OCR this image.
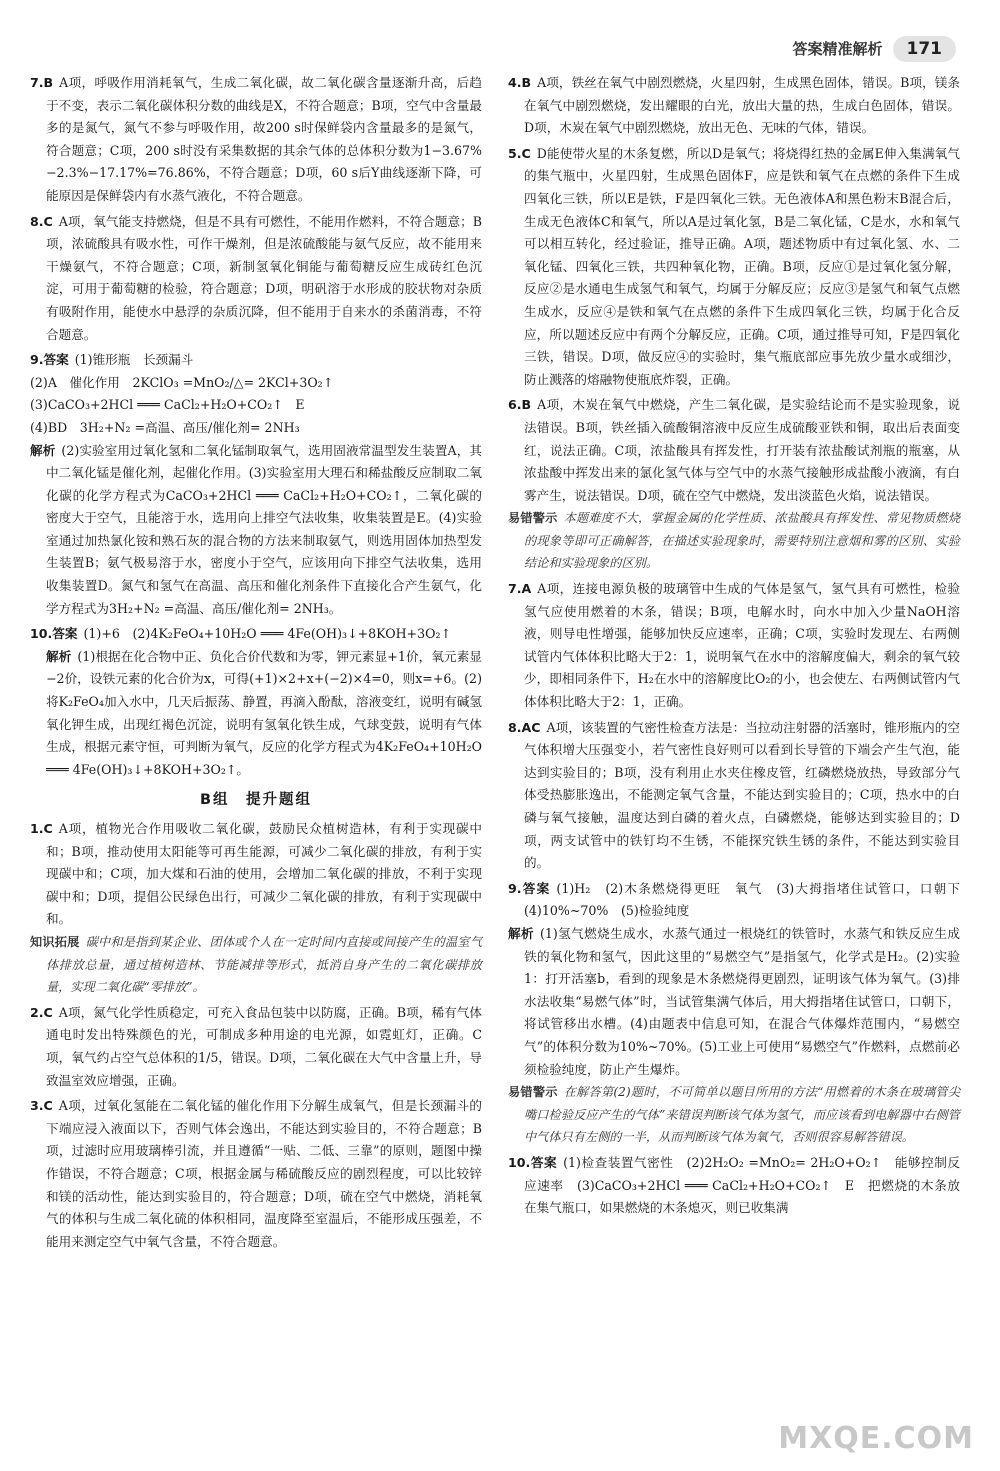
答案精准解析	171

7.B A项，呼吸作用消耗氧气，生成二氧化碳，故二氧化碳含量逐渐升高，后趋于不变，表示二氧化碳体积分数的曲线是X，不符合题意；B项，空气中含量最多的是氮气，氮气不参与呼吸作用，故200 s时保鲜袋内含量最多的是氮气，符合题意；C项，200 s时没有采集数据的其余气体的总体积分数为1−3.67%−2.3%−17.17%=76.86%，不符合题意；D项，60 s后Y曲线逐渐下降，可能原因是保鲜袋内有水蒸气液化，不符合题意。

8.C A项，氧气能支持燃烧，但是不具有可燃性，不能用作燃料，不符合题意；B项，浓硫酸具有吸水性，可作干燥剂，但是浓硫酸能与氨气反应，故不能用来干燥氨气，不符合题意；C项，新制氢氧化铜能与葡萄糖反应生成砖红色沉淀，可用于葡萄糖的检验，符合题意；D项，明矾溶于水形成的胶状物对杂质有吸附作用，能使水中悬浮的杂质沉降，但不能用于自来水的杀菌消毒，不符合题意。

9.答案 (1)锥形瓶　长颈漏斗

(2)A　催化作用　2KClO₃ =MnO₂/△= 2KCl+3O₂↑

(3)CaCO₃+2HCl ═══ CaCl₂+H₂O+CO₂↑　E

(4)BD　3H₂+N₂ =高温、高压/催化剂= 2NH₃

解析 (2)实验室用过氧化氢和二氧化锰制取氧气，选用固液常温型发生装置A，其中二氧化锰是催化剂，起催化作用。(3)实验室用大理石和稀盐酸反应制取二氧化碳的化学方程式为CaCO₃+2HCl ═══ CaCl₂+H₂O+CO₂↑，二氧化碳的密度大于空气，且能溶于水，选用向上排空气法收集，收集装置是E。(4)实验室通过加热氯化铵和熟石灰的混合物的方法来制取氨气，则选用固体加热型发生装置B；氨气极易溶于水，密度小于空气，应该用向下排空气法收集，选用收集装置D。氮气和氢气在高温、高压和催化剂条件下直接化合产生氨气，化学方程式为3H₂+N₂ =高温、高压/催化剂= 2NH₃。

10.答案 (1)+6　(2)4K₂FeO₄+10H₂O ═══ 4Fe(OH)₃↓+8KOH+3O₂↑

解析 (1)根据在化合物中正、负化合价代数和为零，钾元素显+1价，氧元素显−2价，设铁元素的化合价为x，可得(+1)×2+x+(−2)×4=0，则x=+6。(2)将K₂FeO₄加入水中，几天后振荡、静置，再滴入酚酞，溶液变红，说明有碱氢氧化钾生成，出现红褐色沉淀，说明有氢氧化铁生成，气球变鼓，说明有气体生成，根据元素守恒，可判断为氧气，反应的化学方程式为4K₂FeO₄+10H₂O ═══ 4Fe(OH)₃↓+8KOH+3O₂↑。

B组　提升题组

1.C A项，植物光合作用吸收二氧化碳，鼓励民众植树造林，有利于实现碳中和；B项，推动使用太阳能等可再生能源，可减少二氧化碳的排放，有利于实现碳中和；C项，加大煤和石油的使用，会增加二氧化碳的排放，不利于实现碳中和；D项，提倡公民绿色出行，可减少二氧化碳的排放，有利于实现碳中和。

知识拓展 碳中和是指到某企业、团体或个人在一定时间内直接或间接产生的温室气体排放总量，通过植树造林、节能减排等形式，抵消自身产生的二氧化碳排放量，实现二氧化碳“零排放”。

2.C A项，氮气化学性质稳定，可充入食品包装中以防腐，正确。B项，稀有气体通电时发出特殊颜色的光，可制成多种用途的电光源，如霓虹灯，正确。C项，氧气约占空气总体积的1/5，错误。D项，二氧化碳在大气中含量上升，导致温室效应增强，正确。

3.C A项，过氧化氢能在二氧化锰的催化作用下分解生成氧气，但是长颈漏斗的下端应浸入液面以下，否则气体会逸出，不能达到实验目的，不符合题意；B项，过滤时应用玻璃棒引流，并且遵循“一贴、二低、三靠”的原则，题图中操作错误，不符合题意；C项，根据金属与稀硫酸反应的剧烈程度，可以比较锌和镁的活动性，能达到实验目的，符合题意；D项，硫在空气中燃烧，消耗氧气的体积与生成二氧化硫的体积相同，温度降至室温后，不能形成压强差，不能用来测定空气中氧气含量，不符合题意。

4.B A项，铁丝在氧气中剧烈燃烧，火星四射，生成黑色固体，错误。B项，镁条在氧气中剧烈燃烧，发出耀眼的白光，放出大量的热，生成白色固体，错误。D项，木炭在氧气中剧烈燃烧，放出无色、无味的气体，错误。

5.C D能使带火星的木条复燃，所以D是氧气；将烧得红热的金属E伸入集满氧气的集气瓶中，火星四射，生成黑色固体F，应是铁和氧气在点燃的条件下生成四氧化三铁，所以E是铁，F是四氧化三铁。无色液体A和黑色粉末B混合后，生成无色液体C和氧气，所以A是过氧化氢，B是二氧化锰，C是水，水和氧气可以相互转化，经过验证，推导正确。A项，题述物质中有过氧化氢、水、二氧化锰、四氧化三铁，共四种氧化物，正确。B项，反应①是过氧化氢分解，反应②是水通电生成氢气和氧气，均属于分解反应；反应③是氢气和氧气点燃生成水，反应④是铁和氧气在点燃的条件下生成四氧化三铁，均属于化合反应，所以题述反应中有两个分解反应，正确。C项，通过推导可知，F是四氧化三铁，错误。D项，做反应④的实验时，集气瓶底部应事先放少量水或细沙，防止溅落的熔融物使瓶底炸裂，正确。

6.B A项，木炭在氧气中燃烧，产生二氧化碳，是实验结论而不是实验现象，说法错误。B项，铁丝插入硫酸铜溶液中反应生成硫酸亚铁和铜，取出后表面变红，说法正确。C项，浓盐酸具有挥发性，打开装有浓盐酸试剂瓶的瓶塞，从浓盐酸中挥发出来的氯化氢气体与空气中的水蒸气接触形成盐酸小液滴，有白雾产生，说法错误。D项，硫在空气中燃烧，发出淡蓝色火焰，说法错误。

易错警示 本题难度不大，掌握金属的化学性质、浓盐酸具有挥发性、常见物质燃烧的现象等即可正确解答，在描述实验现象时，需要特别注意烟和雾的区别、实验结论和实验现象的区别。

7.A A项，连接电源负极的玻璃管中生成的气体是氢气，氢气具有可燃性，检验氢气应使用燃着的木条，错误；B项，电解水时，向水中加入少量NaOH溶液，则导电性增强，能够加快反应速率，正确；C项，实验时发现左、右两侧试管内气体体积比略大于2：1，说明氧气在水中的溶解度偏大，剩余的氧气较少，即相同条件下，H₂在水中的溶解度比O₂的小，也会使左、右两侧试管内气体体积比略大于2：1，正确。

8.AC A项，该装置的气密性检查方法是：当拉动注射器的活塞时，锥形瓶内的空气体积增大压强变小，若气密性良好则可以看到长导管的下端会产生气泡，能达到实验目的；B项，没有利用止水夹住橡皮管，红磷燃烧放热，导致部分气体受热膨胀逸出，不能测定氧气含量，不能达到实验目的；C项，热水中的白磷与氧气接触，温度达到白磷的着火点，白磷燃烧，能够达到实验目的；D项，两支试管中的铁钉均不生锈，不能探究铁生锈的条件，不能达到实验目的。

9.答案 (1)H₂　(2)木条燃烧得更旺　氧气　(3)大拇指堵住试管口，口朝下　(4)10%~70%　(5)检验纯度

解析 (1)氢气燃烧生成水，水蒸气通过一根烧红的铁管时，水蒸气和铁反应生成铁的氧化物和氢气，因此这里的“易燃空气”是指氢气，化学式是H₂。(2)实验1：打开活塞b，看到的现象是木条燃烧得更剧烈，证明该气体为氧气。(3)排水法收集“易燃气体”时，当试管集满气体后，用大拇指堵住试管口，口朝下，将试管移出水槽。(4)由题表中信息可知，在混合气体爆炸范围内，“易燃空气”的体积分数为10%~70%。(5)工业上可使用“易燃空气”作燃料，点燃前必须检验纯度，防止产生爆炸。

易错警示 在解答第(2)题时，不可简单以题目所用的方法“用燃着的木条在玻璃管尖嘴口检验反应产生的气体”来错误判断该气体为氢气，而应该看到电解器中右侧管中气体只有左侧的一半，从而判断该气体为氧气，否则很容易解答错误。

10.答案 (1)检查装置气密性　(2)2H₂O₂ =MnO₂= 2H₂O+O₂↑　能够控制反应速率　(3)CaCO₃+2HCl ═══ CaCl₂+H₂O+CO₂↑　E　把燃烧的木条放在集气瓶口，如果燃烧的木条熄灭，则已收集满

MXQE.COM
